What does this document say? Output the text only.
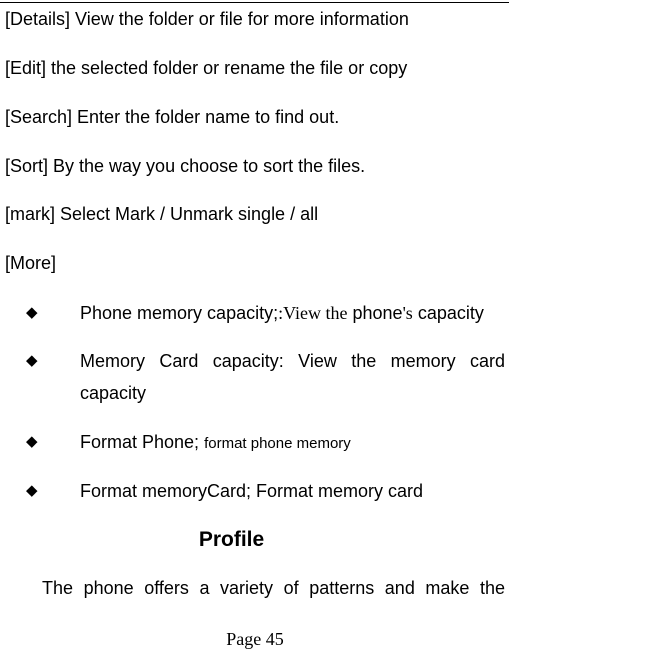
[Details] View the folder or file for more information
[Edit] the selected folder or rename the file or copy
[Search] Enter the folder name to find out.
[Sort] By the way you choose to sort the files.
[mark] Select Mark / Unmark single / all
[More]
◆ Phone memory capacity;:View the phone's capacity
◆ Memory Card capacity: View the memory card capacity
◆ Format Phone; format phone memory
◆ Format memoryCard; Format memory card
Profile
The phone offers a variety of patterns and make the
Page 45
